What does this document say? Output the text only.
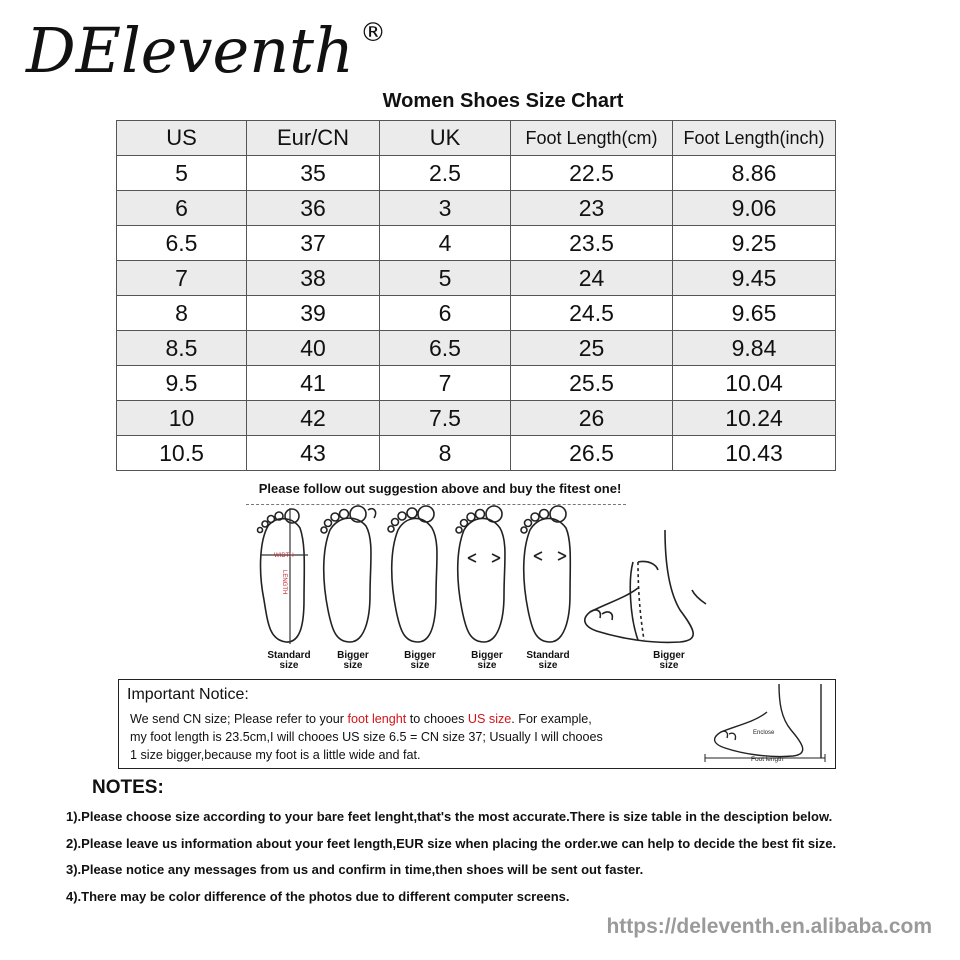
DEleventh ®
Women Shoes Size Chart
US	Eur/CN	UK	Foot Length(cm)	Foot Length(inch)
5	35	2.5	22.5	8.86
6	36	3	23	9.06
6.5	37	4	23.5	9.25
7	38	5	24	9.45
8	39	6	24.5	9.65
8.5	40	6.5	25	9.84
9.5	41	7	25.5	10.04
10	42	7.5	26	10.24
10.5	43	8	26.5	10.43
Please follow out suggestion above and buy the fitest one!
WIDTH
LENGTH
Standard
size
Bigger
size
Bigger
size
Bigger
size
Standard
size
Bigger
size
Important Notice:
We send CN size; Please refer to your foot lenght to chooes US size. For example,
my foot length is 23.5cm,I will chooes US size 6.5 = CN size 37; Usually I will chooes
1 size bigger,because my foot is a little wide and fat.
Enclose
Foot length
NOTES:
1).Please choose size according to your bare feet lenght,that's the most accurate.There is size table in the desciption below.
2).Please leave us information about your feet length,EUR size when placing the order.we can help to decide the best fit size.
3).Please notice any messages from us and confirm in time,then shoes will be sent out faster.
4).There may be color difference of the photos due to different computer screens.
https://deleventh.en.alibaba.com
